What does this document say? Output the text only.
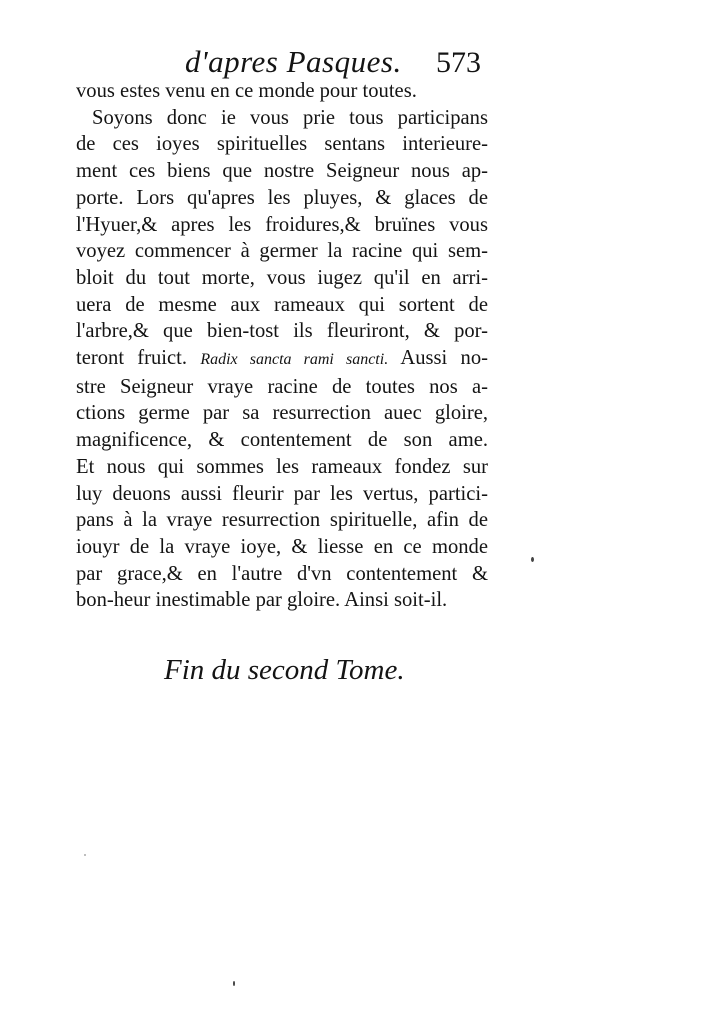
d'apres Pasques. 573
vous estes venu en ce monde pour toutes.
Soyons donc ie vous prie tous participans
de ces ioyes spirituelles sentans interieure-
ment ces biens que nostre Seigneur nous ap-
porte. Lors qu'apres les pluyes, & glaces de
l'Hyuer,& apres les froidures,& bruïnes vous
voyez commencer à germer la racine qui sem-
bloit du tout morte, vous iugez qu'il en arri-
uera de mesme aux rameaux qui sortent de
l'arbre,& que bien-tost ils fleuriront, & por-
teront fruict. Radix sancta rami sancti. Aussi no-
stre Seigneur vraye racine de toutes nos a-
ctions germe par sa resurrection auec gloire,
magnificence, & contentement de son ame.
Et nous qui sommes les rameaux fondez sur
luy deuons aussi fleurir par les vertus, partici-
pans à la vraye resurrection spirituelle, afin de
iouyr de la vraye ioye, & liesse en ce monde
par grace,& en l'autre d'vn contentement &
bon-heur inestimable par gloire. Ainsi soit-il.
Fin du second Tome.
